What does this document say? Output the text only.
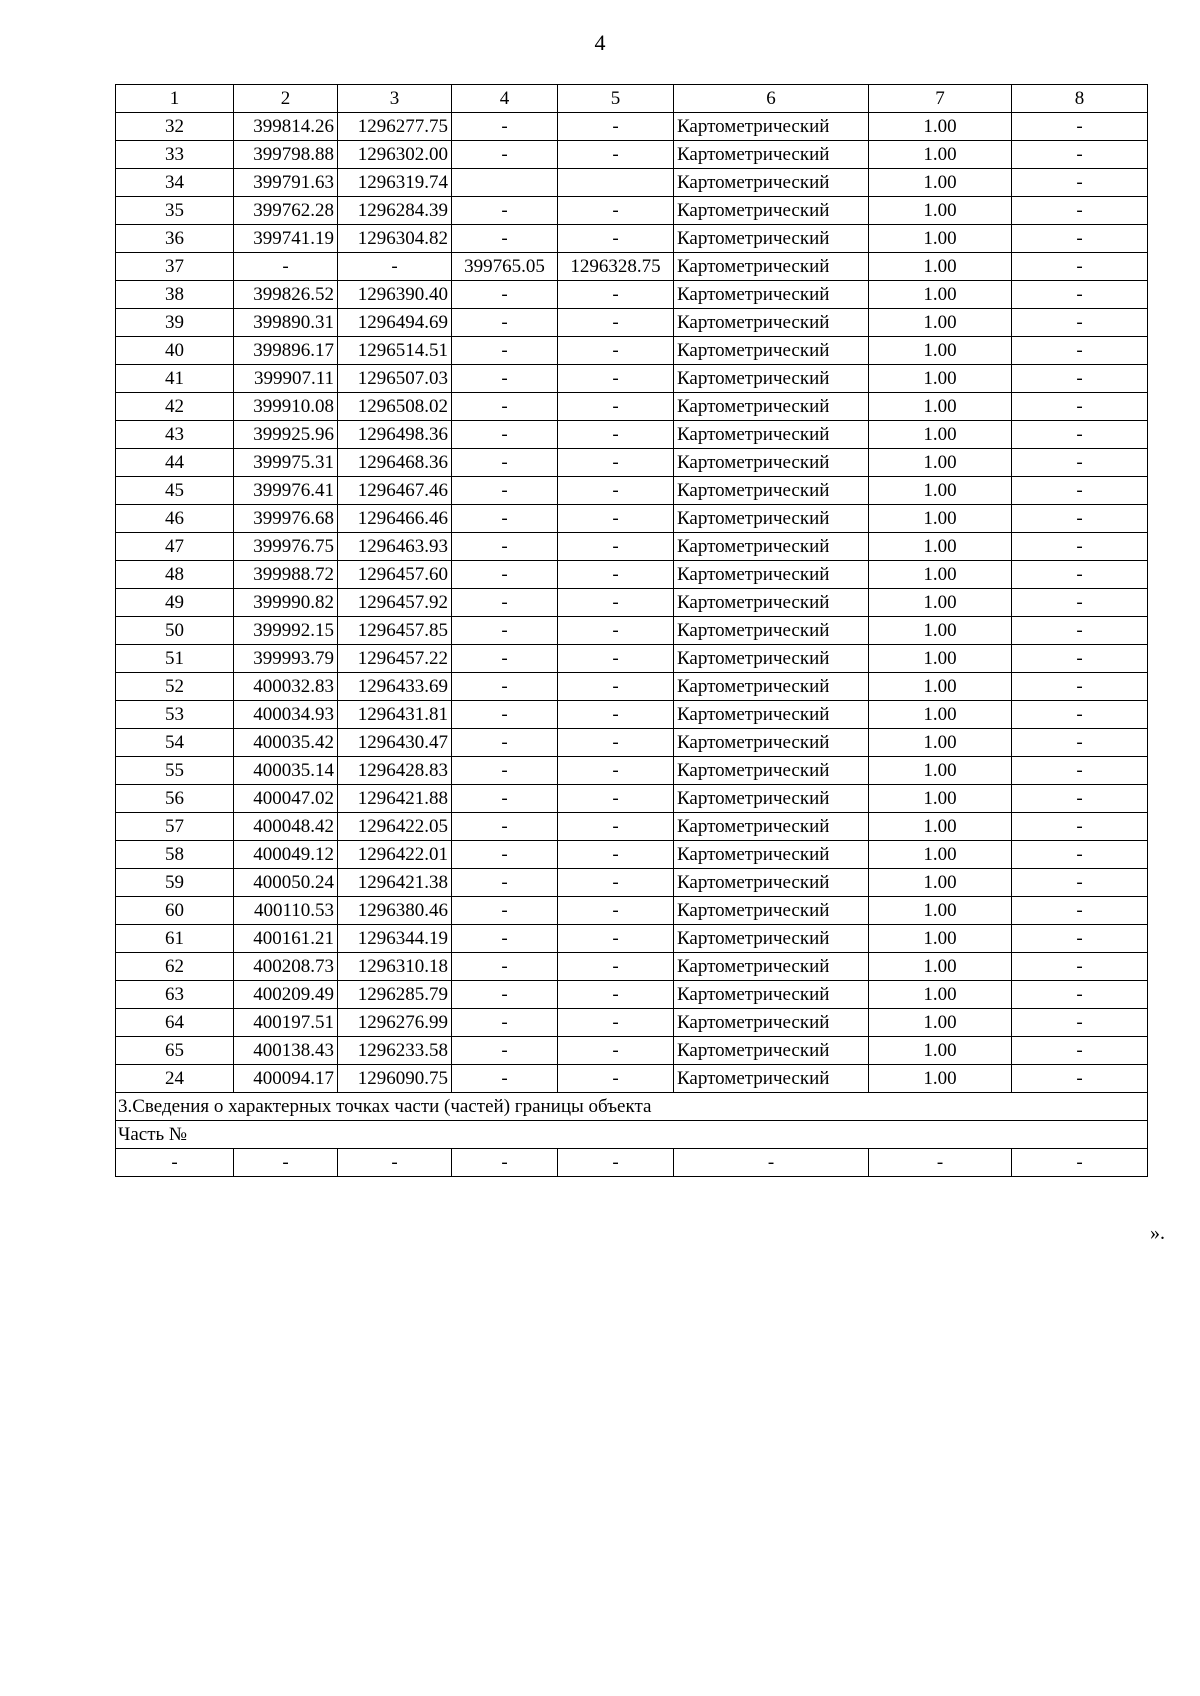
4
1	2	3	4	5	6	7	8
32	399814.26	1296277.75	-	-	Картометрический	1.00	-
33	399798.88	1296302.00	-	-	Картометрический	1.00	-
34	399791.63	1296319.74			Картометрический	1.00	-
35	399762.28	1296284.39	-	-	Картометрический	1.00	-
36	399741.19	1296304.82	-	-	Картометрический	1.00	-
37	-	-	399765.05	1296328.75	Картометрический	1.00	-
38	399826.52	1296390.40	-	-	Картометрический	1.00	-
39	399890.31	1296494.69	-	-	Картометрический	1.00	-
40	399896.17	1296514.51	-	-	Картометрический	1.00	-
41	399907.11	1296507.03	-	-	Картометрический	1.00	-
42	399910.08	1296508.02	-	-	Картометрический	1.00	-
43	399925.96	1296498.36	-	-	Картометрический	1.00	-
44	399975.31	1296468.36	-	-	Картометрический	1.00	-
45	399976.41	1296467.46	-	-	Картометрический	1.00	-
46	399976.68	1296466.46	-	-	Картометрический	1.00	-
47	399976.75	1296463.93	-	-	Картометрический	1.00	-
48	399988.72	1296457.60	-	-	Картометрический	1.00	-
49	399990.82	1296457.92	-	-	Картометрический	1.00	-
50	399992.15	1296457.85	-	-	Картометрический	1.00	-
51	399993.79	1296457.22	-	-	Картометрический	1.00	-
52	400032.83	1296433.69	-	-	Картометрический	1.00	-
53	400034.93	1296431.81	-	-	Картометрический	1.00	-
54	400035.42	1296430.47	-	-	Картометрический	1.00	-
55	400035.14	1296428.83	-	-	Картометрический	1.00	-
56	400047.02	1296421.88	-	-	Картометрический	1.00	-
57	400048.42	1296422.05	-	-	Картометрический	1.00	-
58	400049.12	1296422.01	-	-	Картометрический	1.00	-
59	400050.24	1296421.38	-	-	Картометрический	1.00	-
60	400110.53	1296380.46	-	-	Картометрический	1.00	-
61	400161.21	1296344.19	-	-	Картометрический	1.00	-
62	400208.73	1296310.18	-	-	Картометрический	1.00	-
63	400209.49	1296285.79	-	-	Картометрический	1.00	-
64	400197.51	1296276.99	-	-	Картометрический	1.00	-
65	400138.43	1296233.58	-	-	Картометрический	1.00	-
24	400094.17	1296090.75	-	-	Картометрический	1.00	-
3.Сведения о характерных точках части (частей) границы объекта							
Часть №							
-	-	-	-	-	-	-	-
».
